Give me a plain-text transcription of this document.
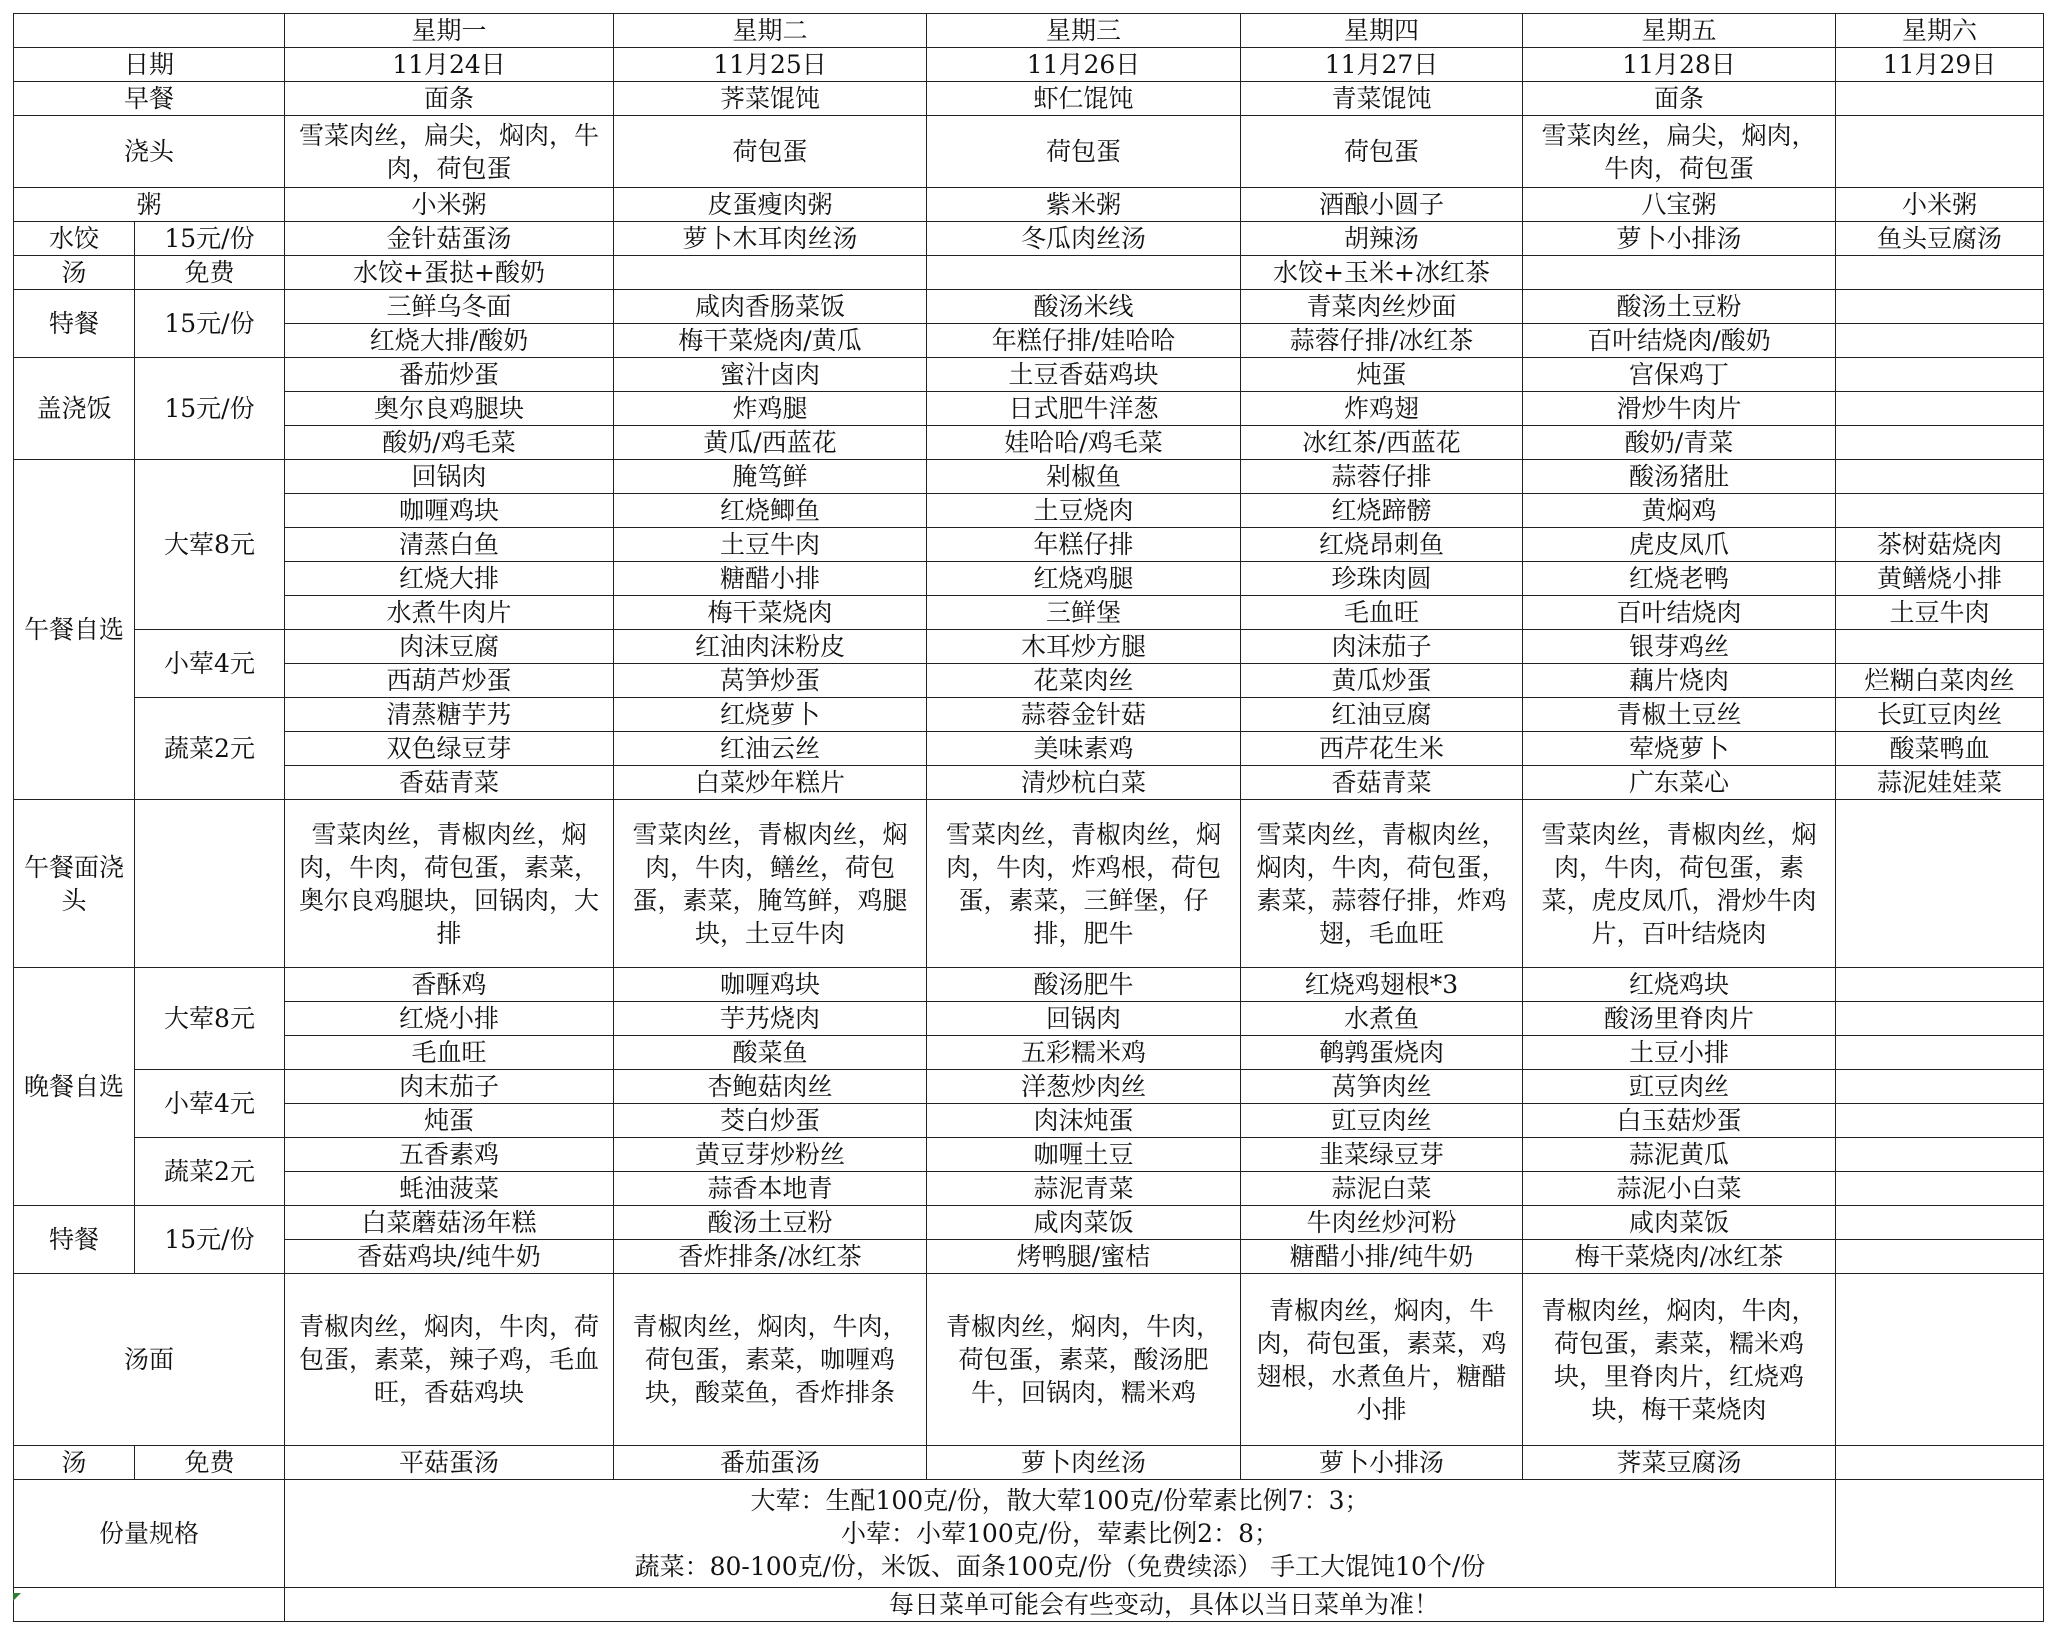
		星期一	星期二	星期三	星期四	星期五	星期六
日期		11月24日	11月25日	11月26日	11月27日	11月28日	11月29日
早餐		面条	荠菜馄饨	虾仁馄饨	青菜馄饨	面条	
浇头		雪菜肉丝，扁尖，焖肉，牛肉，荷包蛋	荷包蛋	荷包蛋	荷包蛋	雪菜肉丝，扁尖，焖肉，牛肉，荷包蛋	
粥		小米粥	皮蛋瘦肉粥	紫米粥	酒酿小圆子	八宝粥	小米粥
水饺	15元/份	金针菇蛋汤	萝卜木耳肉丝汤	冬瓜肉丝汤	胡辣汤	萝卜小排汤	鱼头豆腐汤
汤	免费	水饺+蛋挞+酸奶			水饺+玉米+冰红茶		
特餐	15元/份	三鲜乌冬面	咸肉香肠菜饭	酸汤米线	青菜肉丝炒面	酸汤土豆粉	
		红烧大排/酸奶	梅干菜烧肉/黄瓜	年糕仔排/娃哈哈	蒜蓉仔排/冰红茶	百叶结烧肉/酸奶	
盖浇饭	15元/份	番茄炒蛋	蜜汁卤肉	土豆香菇鸡块	炖蛋	宫保鸡丁	
		奥尔良鸡腿块	炸鸡腿	日式肥牛洋葱	炸鸡翅	滑炒牛肉片	
		酸奶/鸡毛菜	黄瓜/西蓝花	娃哈哈/鸡毛菜	冰红茶/西蓝花	酸奶/青菜	
午餐自选	大荤8元	回锅肉	腌笃鲜	剁椒鱼	蒜蓉仔排	酸汤猪肚	
		咖喱鸡块	红烧鲫鱼	土豆烧肉	红烧蹄髈	黄焖鸡	
		清蒸白鱼	土豆牛肉	年糕仔排	红烧昂刺鱼	虎皮凤爪	茶树菇烧肉
		红烧大排	糖醋小排	红烧鸡腿	珍珠肉圆	红烧老鸭	黄鳝烧小排
		水煮牛肉片	梅干菜烧肉	三鲜堡	毛血旺	百叶结烧肉	土豆牛肉
	小荤4元	肉沫豆腐	红油肉沫粉皮	木耳炒方腿	肉沫茄子	银芽鸡丝	
		西葫芦炒蛋	莴笋炒蛋	花菜肉丝	黄瓜炒蛋	藕片烧肉	烂糊白菜肉丝
	蔬菜2元	清蒸糖芋艿	红烧萝卜	蒜蓉金针菇	红油豆腐	青椒土豆丝	长豇豆肉丝
		双色绿豆芽	红油云丝	美味素鸡	西芹花生米	荤烧萝卜	酸菜鸭血
		香菇青菜	白菜炒年糕片	清炒杭白菜	香菇青菜	广东菜心	蒜泥娃娃菜
午餐面浇头		雪菜肉丝，青椒肉丝，焖肉，牛肉，荷包蛋，素菜，奥尔良鸡腿块，回锅肉，大排	雪菜肉丝，青椒肉丝，焖肉，牛肉，鳝丝，荷包蛋，素菜，腌笃鲜，鸡腿块，土豆牛肉	雪菜肉丝，青椒肉丝，焖肉，牛肉，炸鸡根，荷包蛋，素菜，三鲜堡，仔排，肥牛	雪菜肉丝，青椒肉丝，焖肉，牛肉，荷包蛋，素菜，蒜蓉仔排，炸鸡翅，毛血旺	雪菜肉丝，青椒肉丝，焖肉，牛肉，荷包蛋，素菜，虎皮凤爪，滑炒牛肉片，百叶结烧肉	
晚餐自选	大荤8元	香酥鸡	咖喱鸡块	酸汤肥牛	红烧鸡翅根*3	红烧鸡块	
		红烧小排	芋艿烧肉	回锅肉	水煮鱼	酸汤里脊肉片	
		毛血旺	酸菜鱼	五彩糯米鸡	鹌鹑蛋烧肉	土豆小排	
	小荤4元	肉末茄子	杏鲍菇肉丝	洋葱炒肉丝	莴笋肉丝	豇豆肉丝	
		炖蛋	茭白炒蛋	肉沫炖蛋	豇豆肉丝	白玉菇炒蛋	
	蔬菜2元	五香素鸡	黄豆芽炒粉丝	咖喱土豆	韭菜绿豆芽	蒜泥黄瓜	
		蚝油菠菜	蒜香本地青	蒜泥青菜	蒜泥白菜	蒜泥小白菜	
特餐	15元/份	白菜蘑菇汤年糕	酸汤土豆粉	咸肉菜饭	牛肉丝炒河粉	咸肉菜饭	
		香菇鸡块/纯牛奶	香炸排条/冰红茶	烤鸭腿/蜜桔	糖醋小排/纯牛奶	梅干菜烧肉/冰红茶	
汤面		青椒肉丝，焖肉，牛肉，荷包蛋，素菜，辣子鸡，毛血旺，香菇鸡块	青椒肉丝，焖肉，牛肉，荷包蛋，素菜，咖喱鸡块，酸菜鱼，香炸排条	青椒肉丝，焖肉，牛肉，荷包蛋，素菜，酸汤肥牛，回锅肉，糯米鸡	青椒肉丝，焖肉，牛肉，荷包蛋，素菜，鸡翅根，水煮鱼片，糖醋小排	青椒肉丝，焖肉，牛肉，荷包蛋，素菜，糯米鸡块，里脊肉片，红烧鸡块，梅干菜烧肉	
汤	免费	平菇蛋汤	番茄蛋汤	萝卜肉丝汤	萝卜小排汤	荠菜豆腐汤	
份量规格		大荤：生配100克/份，散大荤100克/份荤素比例7：3；
小荤：小荤100克/份，荤素比例2：8；
蔬菜：80-100克/份，米饭、面条100克/份（免费续添） 手工大馄饨10个/份					

		每日菜单可能会有些变动，具体以当日菜单为准！					
